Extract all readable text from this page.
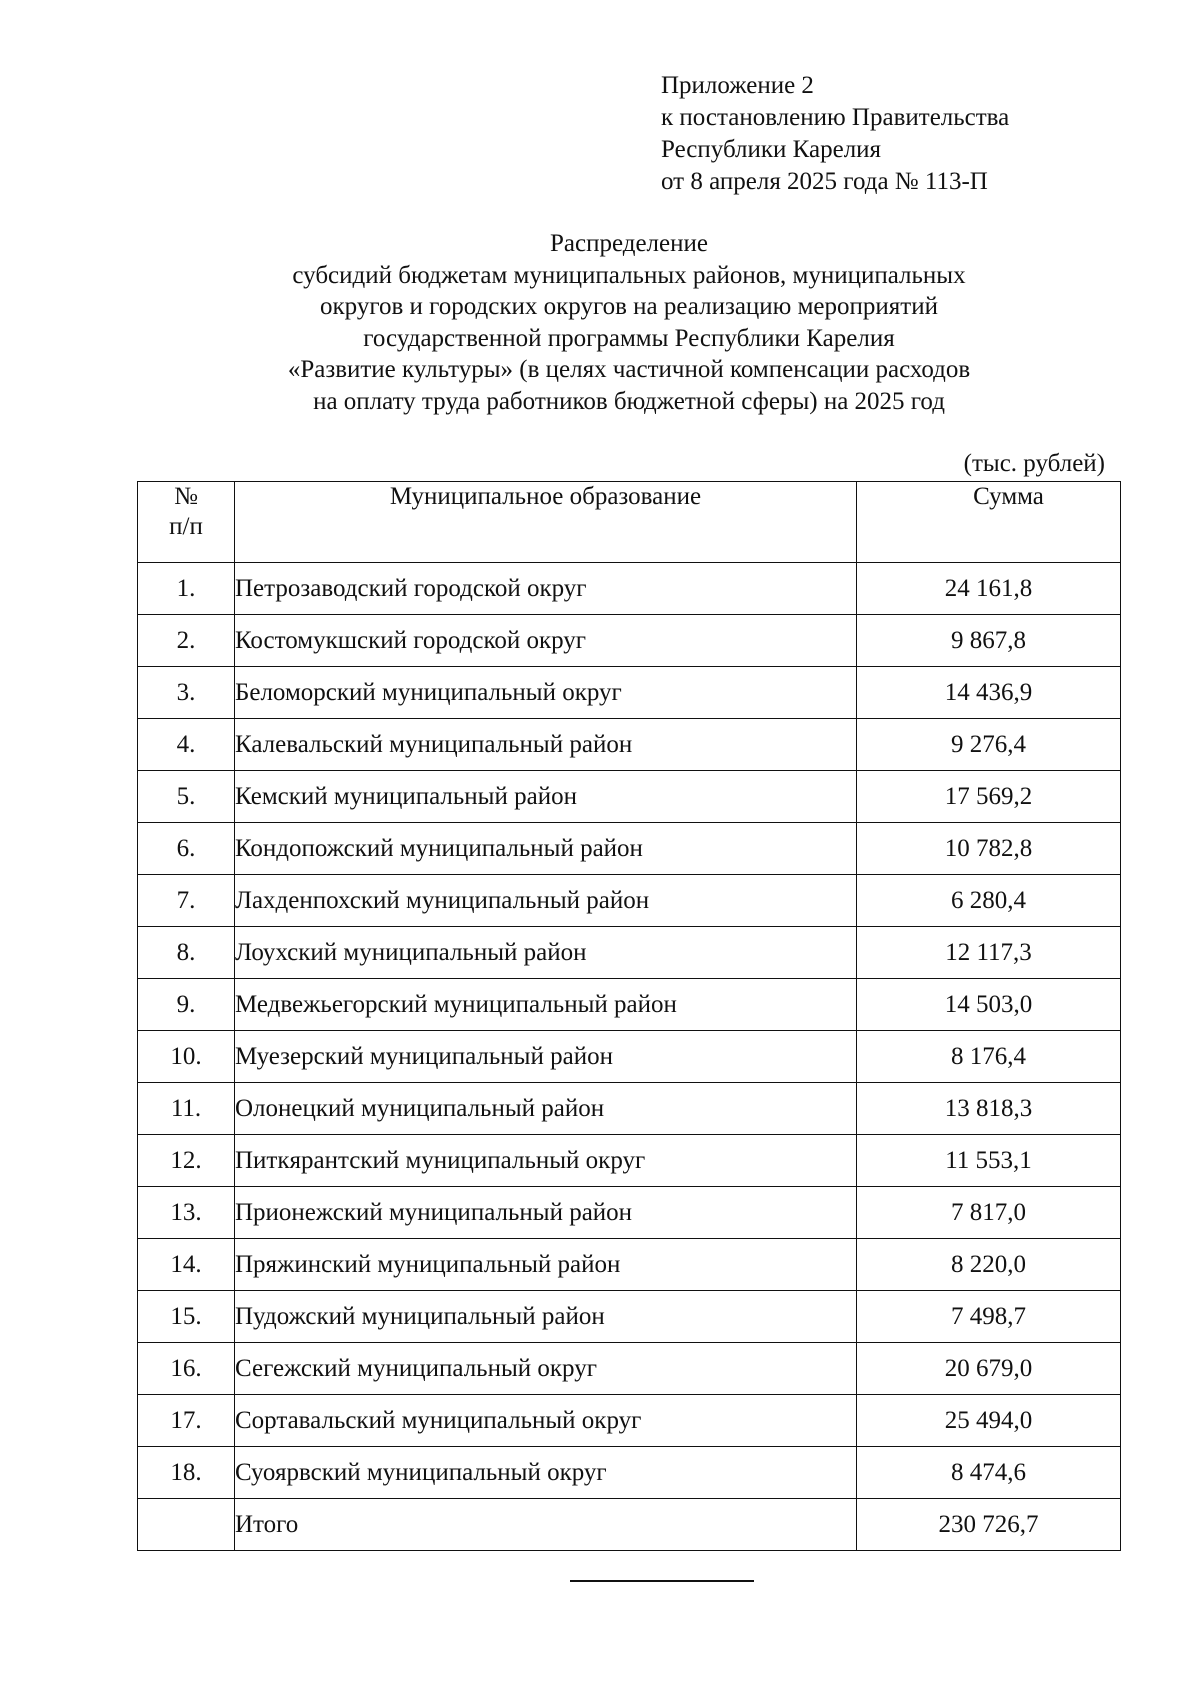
Приложение 2
к постановлению Правительства
Республики Карелия
от 8 апреля 2025 года № 113-П
Распределение
субсидий бюджетам муниципальных районов, муниципальных
округов и городских округов на реализацию мероприятий
государственной программы Республики Карелия
«Развитие культуры» (в целях частичной компенсации расходов
на оплату труда работников бюджетной сферы) на 2025 год
(тыс. рублей)
№
п/п	Муниципальное образование	Сумма
1.	Петрозаводский городской округ	24 161,8
2.	Костомукшский городской округ	9 867,8
3.	Беломорский муниципальный округ	14 436,9
4.	Калевальский муниципальный район	9 276,4
5.	Кемский муниципальный район	17 569,2
6.	Кондопожский муниципальный район	10 782,8
7.	Лахденпохский муниципальный район	6 280,4
8.	Лоухский муниципальный район	12 117,3
9.	Медвежьегорский муниципальный район	14 503,0
10.	Муезерский муниципальный район	8 176,4
11.	Олонецкий муниципальный район	13 818,3
12.	Питкярантский муниципальный округ	11 553,1
13.	Прионежский муниципальный район	7 817,0
14.	Пряжинский муниципальный район	8 220,0
15.	Пудожский муниципальный район	7 498,7
16.	Сегежский муниципальный округ	20 679,0
17.	Сортавальский муниципальный округ	25 494,0
18.	Суоярвский муниципальный округ	8 474,6
	Итого	230 726,7
